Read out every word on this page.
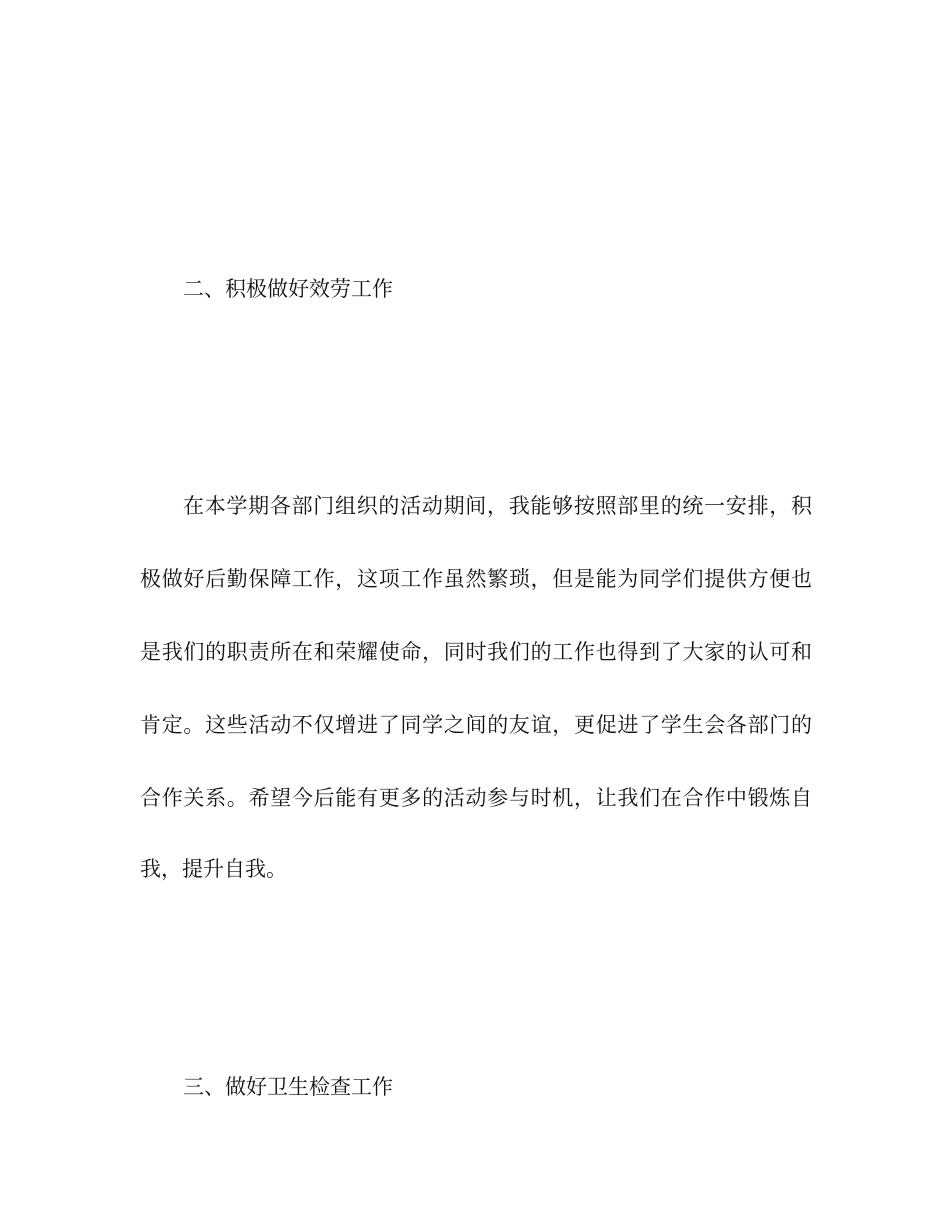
二、积极做好效劳工作
在本学期各部门组织的活动期间，我能够按照部里的统一安排，积
极做好后勤保障工作，这项工作虽然繁琐，但是能为同学们提供方便也
是我们的职责所在和荣耀使命，同时我们的工作也得到了大家的认可和
肯定。这些活动不仅增进了同学之间的友谊，更促进了学生会各部门的
合作关系。希望今后能有更多的活动参与时机，让我们在合作中锻炼自
我，提升自我。
三、做好卫生检查工作
